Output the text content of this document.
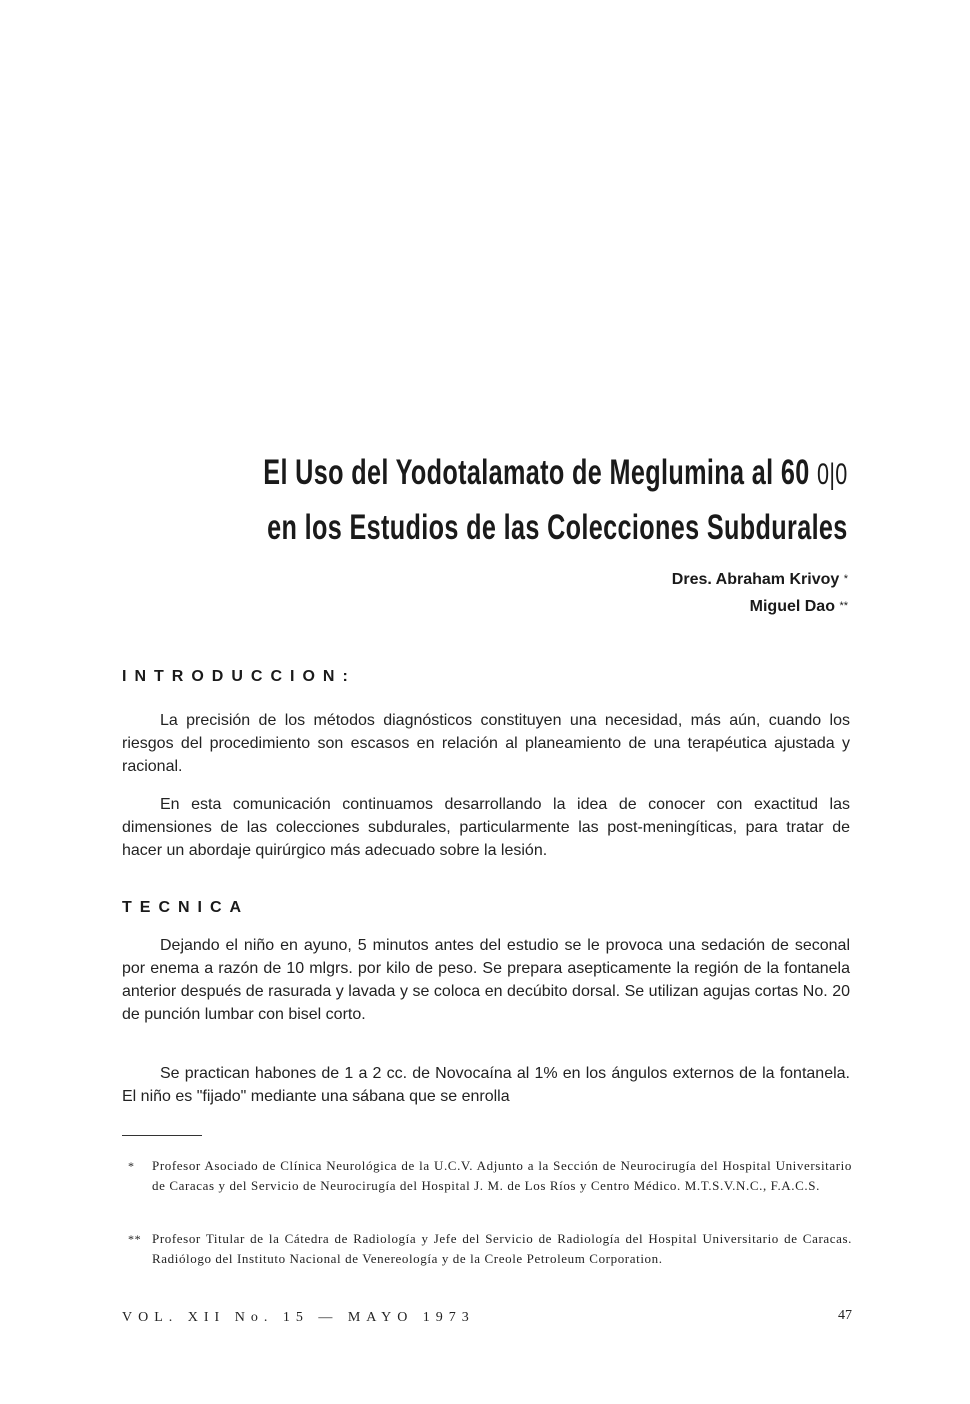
El Uso del Yodotalamato de Meglumina al 60 0|0
en los Estudios de las Colecciones Subdurales
Dres. Abraham Krivoy *
Miguel Dao **
INTRODUCCION:

La precisión de los métodos diagnósticos constituyen una necesidad, más aún, cuando los riesgos del procedimiento son escasos en relación al planeamiento de una terapéutica ajustada y racional.

En esta comunicación continuamos desarrollando la idea de conocer con exactitud las dimensiones de las colecciones subdurales, particularmente las post-meningíticas, para tratar de hacer un abordaje quirúrgico más adecuado sobre la lesión.

TECNICA

Dejando el niño en ayuno, 5 minutos antes del estudio se le provoca una sedación de seconal por enema a razón de 10 mlgrs. por kilo de peso. Se prepara asepticamente la región de la fontanela anterior después de rasurada y lavada y se coloca en decúbito dorsal. Se utilizan agujas cortas No. 20 de punción lumbar con bisel corto.

Se practican habones de 1 a 2 cc. de Novocaína al 1% en los ángulos externos de la fontanela. El niño es "fijado" mediante una sábana que se enrolla

* Profesor Asociado de Clínica Neurológica de la U.C.V. Adjunto a la Sección de Neurocirugía del Hospital Universitario de Caracas y del Servicio de Neurocirugía del Hospital J. M. de Los Ríos y Centro Médico. M.T.S.V.N.C., F.A.C.S.

** Profesor Titular de la Cátedra de Radiología y Jefe del Servicio de Radiología del Hospital Universitario de Caracas. Radiólogo del Instituto Nacional de Venereología y de la Creole Petroleum Corporation.

VOL. XII No. 15 — MAYO 1973	47
